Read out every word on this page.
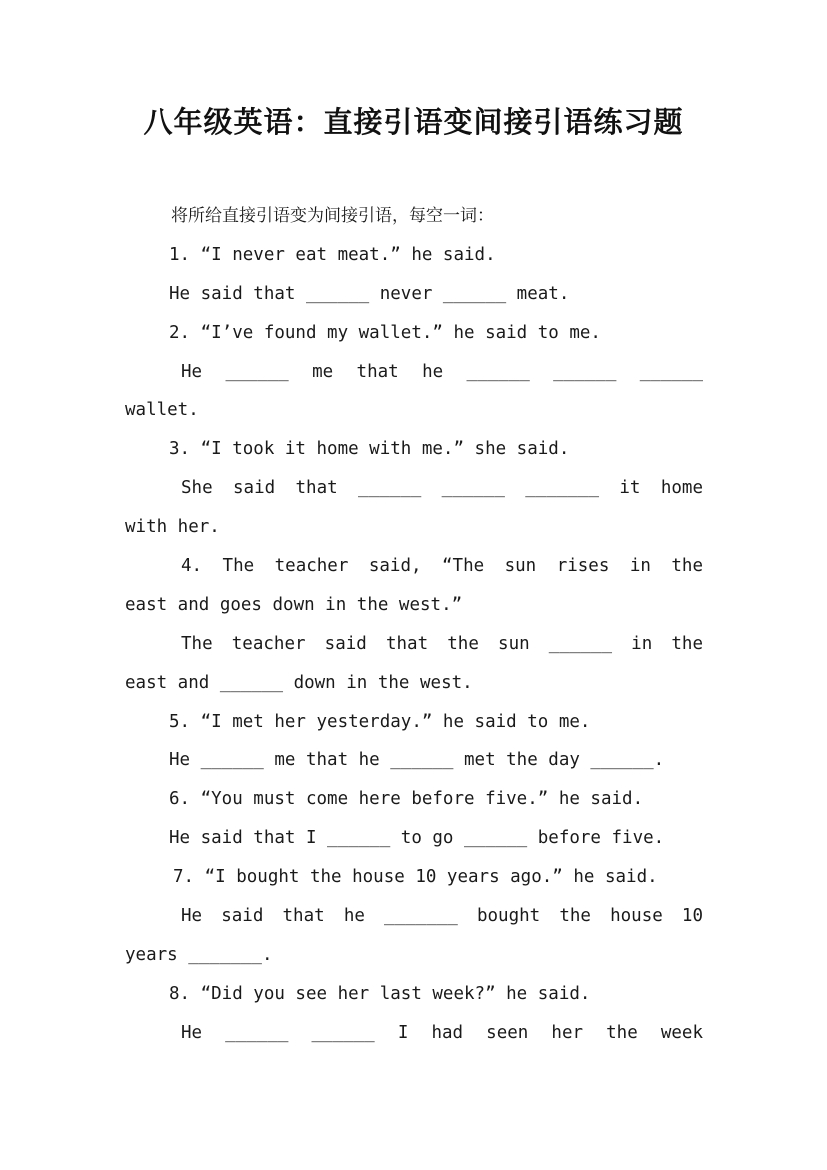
八年级英语：直接引语变间接引语练习题
将所给直接引语变为间接引语，每空一词：
1. “I never eat meat.” he said.
He said that ______ never ______ meat.
2. “I’ve found my wallet.” he said to me.
He ______ me that he ______ ______ ______
wallet.
3. “I took it home with me.” she said.
She said that ______ ______ _______ it home
with her.
4. The teacher said, “The sun rises in the
east and goes down in the west.”
The teacher said that the sun ______ in the
east and ______ down in the west.
5. “I met her yesterday.” he said to me.
He ______ me that he ______ met the day ______.
6. “You must come here before five.” he said.
He said that I ______ to go ______ before five.
7. “I bought the house 10 years ago.” he said.
He said that he _______ bought the house 10
years _______.
8. “Did you see her last week?” he said.
He ______ ______ I had seen her the week
